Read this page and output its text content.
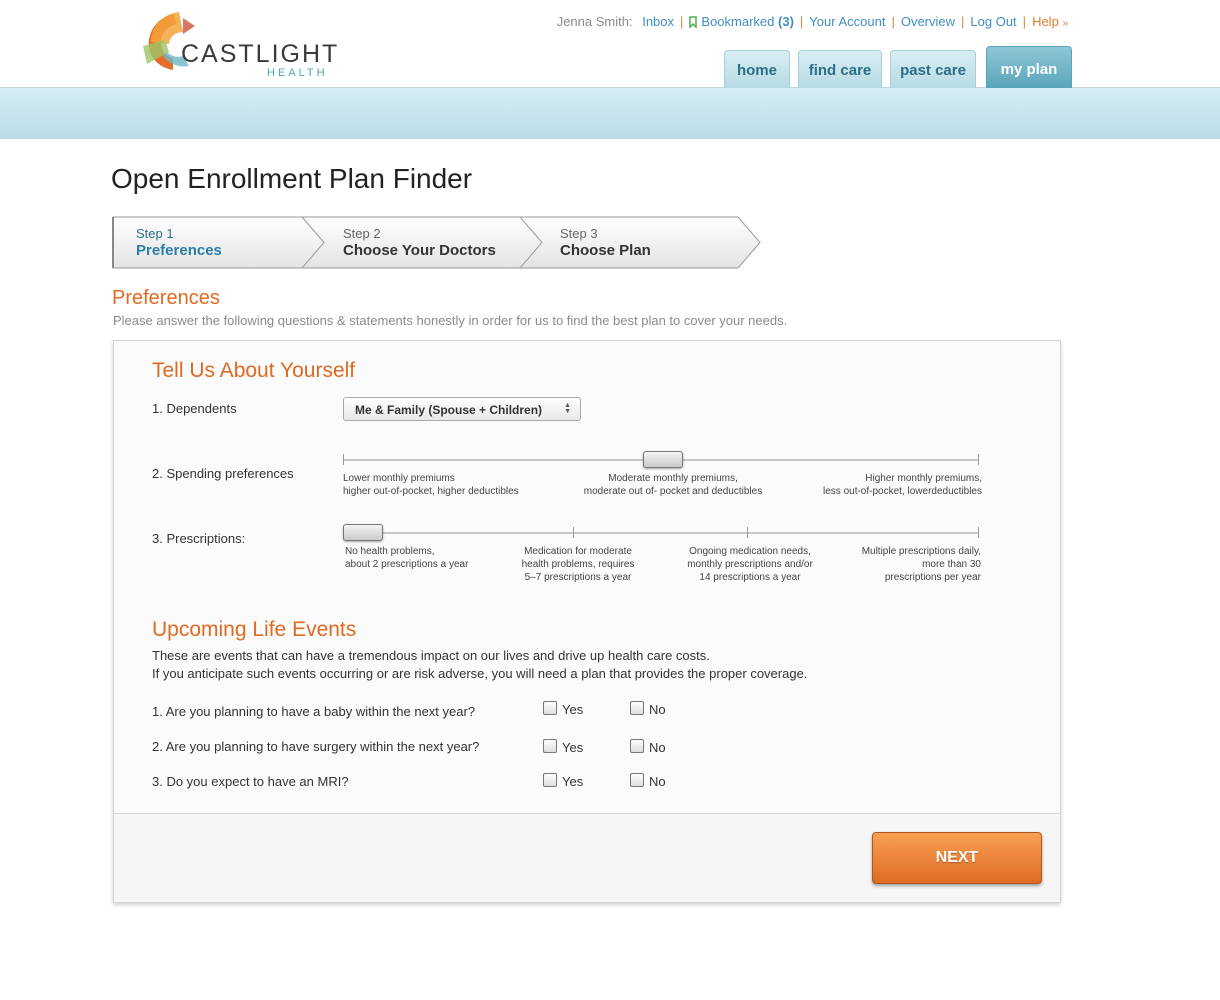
CASTLIGHT
HEALTH
Jenna Smith: Inbox | Bookmarked (3) | Your Account | Overview | Log Out | Help »
home	find care	past care	my plan
Open Enrollment Plan Finder
Step 1
Preferences
Step 2
Choose Your Doctors
Step 3
Choose Plan
Preferences
Please answer the following questions & statements honestly in order for us to find the best plan to cover your needs.
Tell Us About Yourself
1. Dependents	Me & Family (Spouse + Children)	▲
▼
2. Spending preferences	Lower monthly premiums
higher out-of-pocket, higher deductibles
Moderate monthly premiums,
moderate out of- pocket and deductibles
Higher monthly premiums,
less out-of-pocket, lowerdeductibles
3. Prescriptions:
No health problems,
about 2 prescriptions a year
Medication for moderate
health problems, requires
5–7 prescriptions a year
Ongoing medication needs,
monthly prescriptions and/or
14 prescriptions a year
Multiple prescriptions daily,
more than 30
prescriptions per year
Upcoming Life Events
These are events that can have a tremendous impact on our lives and drive up health care costs.
If you anticipate such events occurring or are risk adverse, you will need a plan that provides the proper coverage.
1. Are you planning to have a baby within the next year?	Yes	No
2. Are you planning to have surgery within the next year?	Yes	No
3. Do you expect to have an MRI?	Yes	No
NEXT
